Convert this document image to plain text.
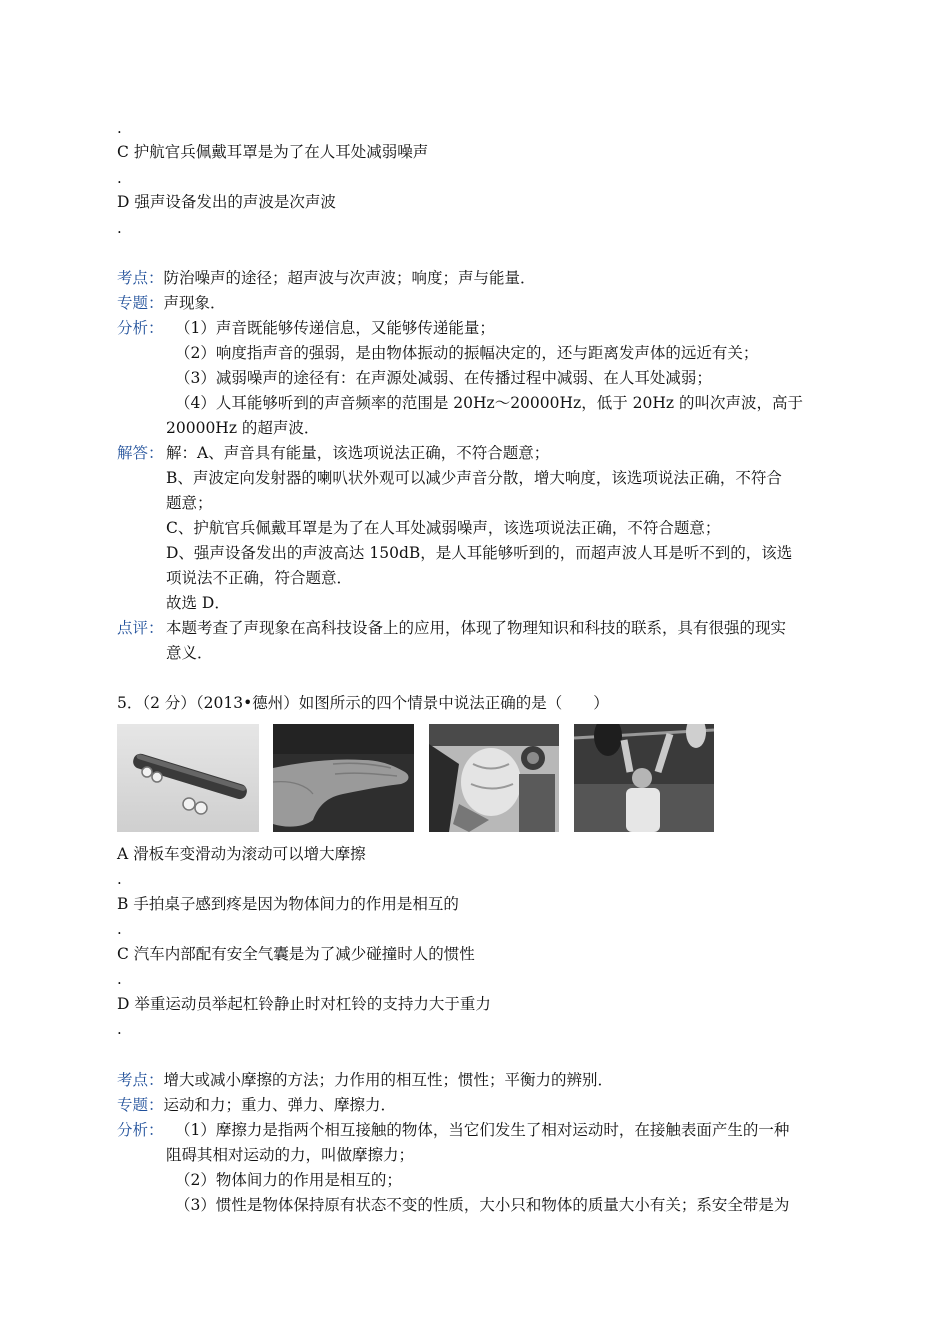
.
C 护航官兵佩戴耳罩是为了在人耳处减弱噪声
.
D 强声设备发出的声波是次声波
.
考点：防治噪声的途径；超声波与次声波；响度；声与能量．
专题：声现象．
分析： （1）声音既能够传递信息，又能够传递能量；
（2）响度指声音的强弱，是由物体振动的振幅决定的，还与距离发声体的远近有关；
（3）减弱噪声的途径有：在声源处减弱、在传播过程中减弱、在人耳处减弱；
（4）人耳能够听到的声音频率的范围是 20Hz～20000Hz，低于 20Hz 的叫次声波，高于
20000Hz 的超声波．
解答： 解：A、声音具有能量，该选项说法正确，不符合题意；
B、声波定向发射器的喇叭状外观可以减少声音分散，增大响度，该选项说法正确，不符合
题意；
C、护航官兵佩戴耳罩是为了在人耳处减弱噪声，该选项说法正确，不符合题意；
D、强声设备发出的声波高达 150dB，是人耳能够听到的，而超声波人耳是听不到的，该选
项说法不正确，符合题意．
故选 D．
点评： 本题考查了声现象在高科技设备上的应用，体现了物理知识和科技的联系，具有很强的现实
意义．
5．（2 分）（2013•德州）如图所示的四个情景中说法正确的是（　　）
A 滑板车变滑动为滚动可以增大摩擦
.
B 手拍桌子感到疼是因为物体间力的作用是相互的
.
C 汽车内部配有安全气囊是为了减少碰撞时人的惯性
.
D 举重运动员举起杠铃静止时对杠铃的支持力大于重力
.
考点：增大或减小摩擦的方法；力作用的相互性；惯性；平衡力的辨别．
专题：运动和力；重力、弹力、摩擦力．
分析： （1）摩擦力是指两个相互接触的物体，当它们发生了相对运动时，在接触表面产生的一种
阻碍其相对运动的力，叫做摩擦力；
（2）物体间力的作用是相互的；
（3）惯性是物体保持原有状态不变的性质，大小只和物体的质量大小有关；系安全带是为
